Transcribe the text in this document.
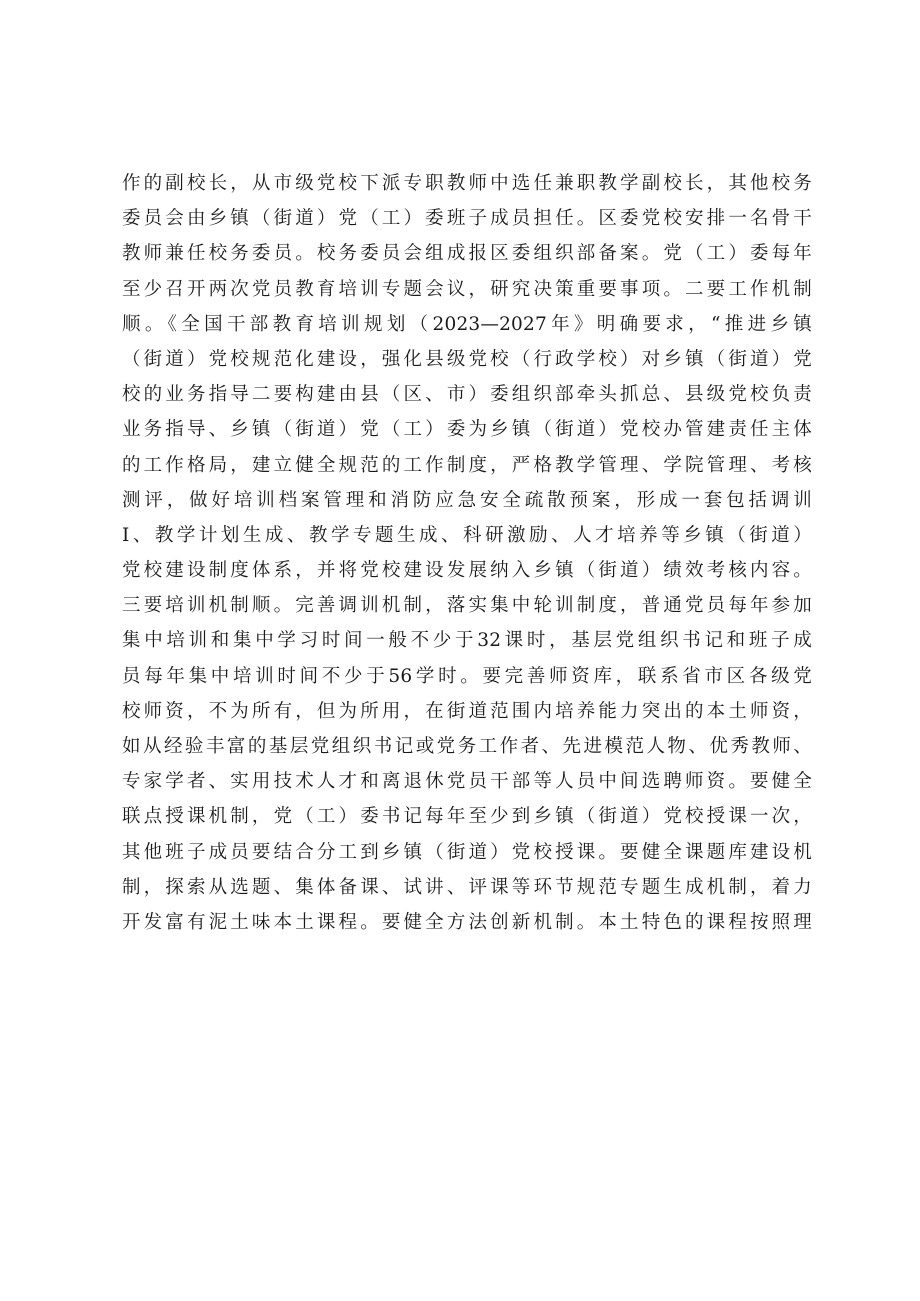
作的副校长，从市级党校下派专职教师中选任兼职教学副校长，其他校务
委员会由乡镇（街道）党（工）委班子成员担任。区委党校安排一名骨干
教师兼任校务委员。校务委员会组成报区委组织部备案。党（工）委每年
至少召开两次党员教育培训专题会议，研究决策重要事项。二要工作机制
顺。《全国干部教育培训规划（2023—2027年》明确要求，“推进乡镇
（街道）党校规范化建设，强化县级党校（行政学校）对乡镇（街道）党
校的业务指导二要构建由县（区、市）委组织部牵头抓总、县级党校负责
业务指导、乡镇（街道）党（工）委为乡镇（街道）党校办管建责任主体
的工作格局，建立健全规范的工作制度，严格教学管理、学院管理、考核
测评，做好培训档案管理和消防应急安全疏散预案，形成一套包括调训
I、教学计划生成、教学专题生成、科研激励、人才培养等乡镇（街道）
党校建设制度体系，并将党校建设发展纳入乡镇（街道）绩效考核内容。
三要培训机制顺。完善调训机制，落实集中轮训制度，普通党员每年参加
集中培训和集中学习时间一般不少于32课时，基层党组织书记和班子成
员每年集中培训时间不少于56学时。要完善师资库，联系省市区各级党
校师资，不为所有，但为所用，在街道范围内培养能力突出的本土师资，
如从经验丰富的基层党组织书记或党务工作者、先进模范人物、优秀教师、
专家学者、实用技术人才和离退休党员干部等人员中间选聘师资。要健全
联点授课机制，党（工）委书记每年至少到乡镇（街道）党校授课一次，
其他班子成员要结合分工到乡镇（街道）党校授课。要健全课题库建设机
制，探索从选题、集体备课、试讲、评课等环节规范专题生成机制，着力
开发富有泥土味本土课程。要健全方法创新机制。本土特色的课程按照理
